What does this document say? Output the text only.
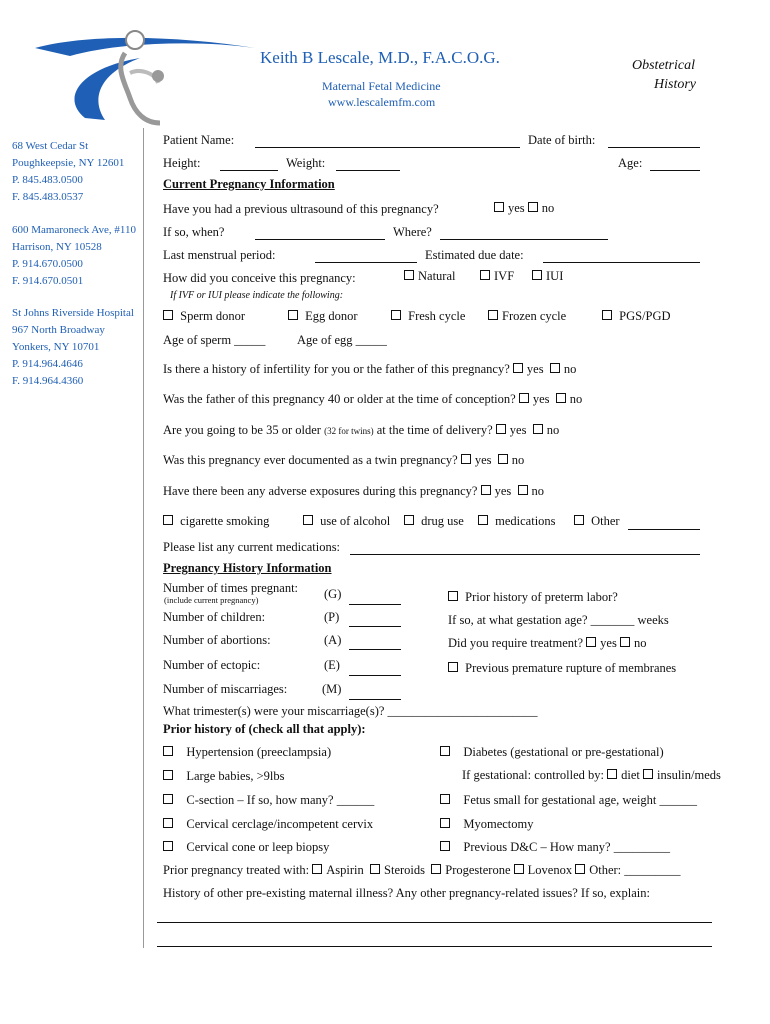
Keith B Lescale, M.D., F.A.C.O.G.
Maternal Fetal Medicine
www.lescalemfm.com
Obstetrical
History
68 West Cedar St
Poughkeepsie, NY 12601
P. 845.483.0500
F. 845.483.0537
600 Mamaroneck Ave, #110
Harrison, NY 10528
P. 914.670.0500
F. 914.670.0501
St Johns Riverside Hospital
967 North Broadway
Yonkers, NY 10701
P. 914.964.4646
F. 914.964.4360
Patient Name:	Date of birth:
Height:	Weight:	Age:
Current Pregnancy Information
Have you had a previous ultrasound of this pregnancy?	yes no
If so, when?	Where?
Last menstrual period:	Estimated due date:
How did you conceive this pregnancy:	Natural	IVF	IUI
If IVF or IUI please indicate the following:
Sperm donor	Egg donor	Fresh cycle	Frozen cycle	PGS/PGD
Age of sperm _____	Age of egg _____
Is there a history of infertility for you or the father of this pregnancy? yes no
Was the father of this pregnancy 40 or older at the time of conception? yes no
Are you going to be 35 or older (32 for twins) at the time of delivery? yes no
Was this pregnancy ever documented as a twin pregnancy? yes no
Have there been any adverse exposures during this pregnancy? yes no
cigarette smoking	use of alcohol	drug use	medications	Other
Please list any current medications:
Pregnancy History Information
Number of times pregnant:
(include current pregnancy)	(G)
Number of children:	(P)
Number of abortions:	(A)
Number of ectopic:	(E)
Number of miscarriages:	(M)
Prior history of preterm labor?
If so, at what gestation age? _______ weeks
Did you require treatment? yes no
Previous premature rupture of membranes
What trimester(s) were your miscarriage(s)? ________________________
Prior history of (check all that apply):
Hypertension (preeclampsia)	Diabetes (gestational or pre-gestational)
Large babies, >9lbs	If gestational: controlled by: diet insulin/meds
C-section – If so, how many? ______	Fetus small for gestational age, weight ______
Cervical cerclage/incompetent cervix	Myomectomy
Cervical cone or leep biopsy	Previous D&C – How many? _________
Prior pregnancy treated with: Aspirin Steroids Progesterone Lovenox Other: _________
History of other pre-existing maternal illness? Any other pregnancy-related issues? If so, explain:
